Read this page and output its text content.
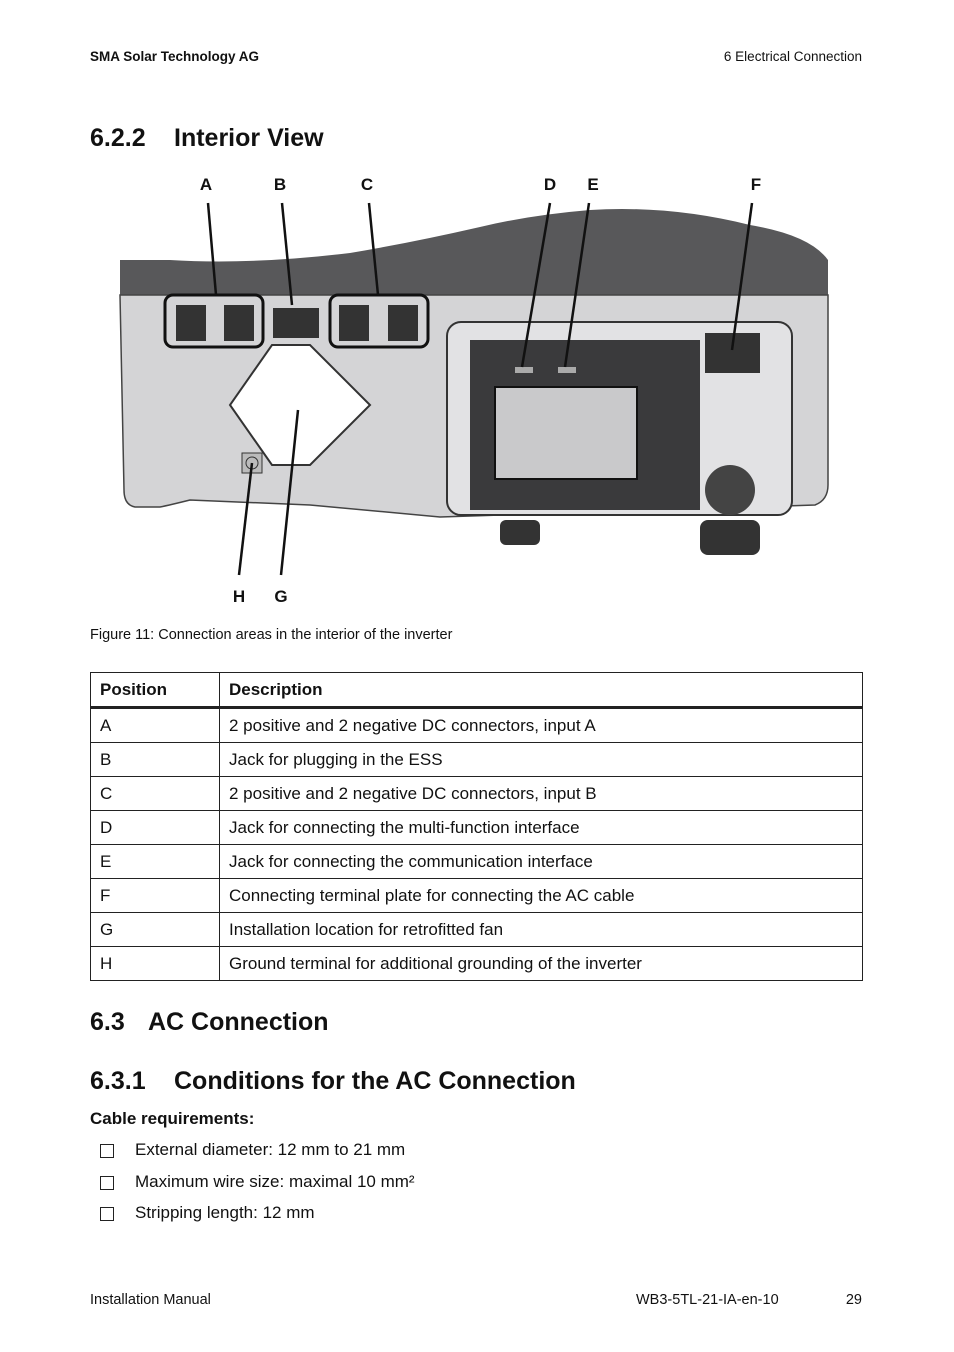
SMA Solar Technology AG	6 Electrical Connection
6.2.2 Interior View
A	B	C	D E	F
H G
Figure 11: Connection areas in the interior of the inverter
Position	Description
A	2 positive and 2 negative DC connectors, input A
B	Jack for plugging in the ESS
C	2 positive and 2 negative DC connectors, input B
D	Jack for connecting the multi-function interface
E	Jack for connecting the communication interface
F	Connecting terminal plate for connecting the AC cable
G	Installation location for retrofitted fan
H	Ground terminal for additional grounding of the inverter
6.3 AC Connection
6.3.1 Conditions for the AC Connection
Cable requirements:
External diameter: 12 mm to 21 mm
Maximum wire size: maximal 10 mm²
Stripping length: 12 mm
Installation Manual	WB3-5TL-21-IA-en-10	29
